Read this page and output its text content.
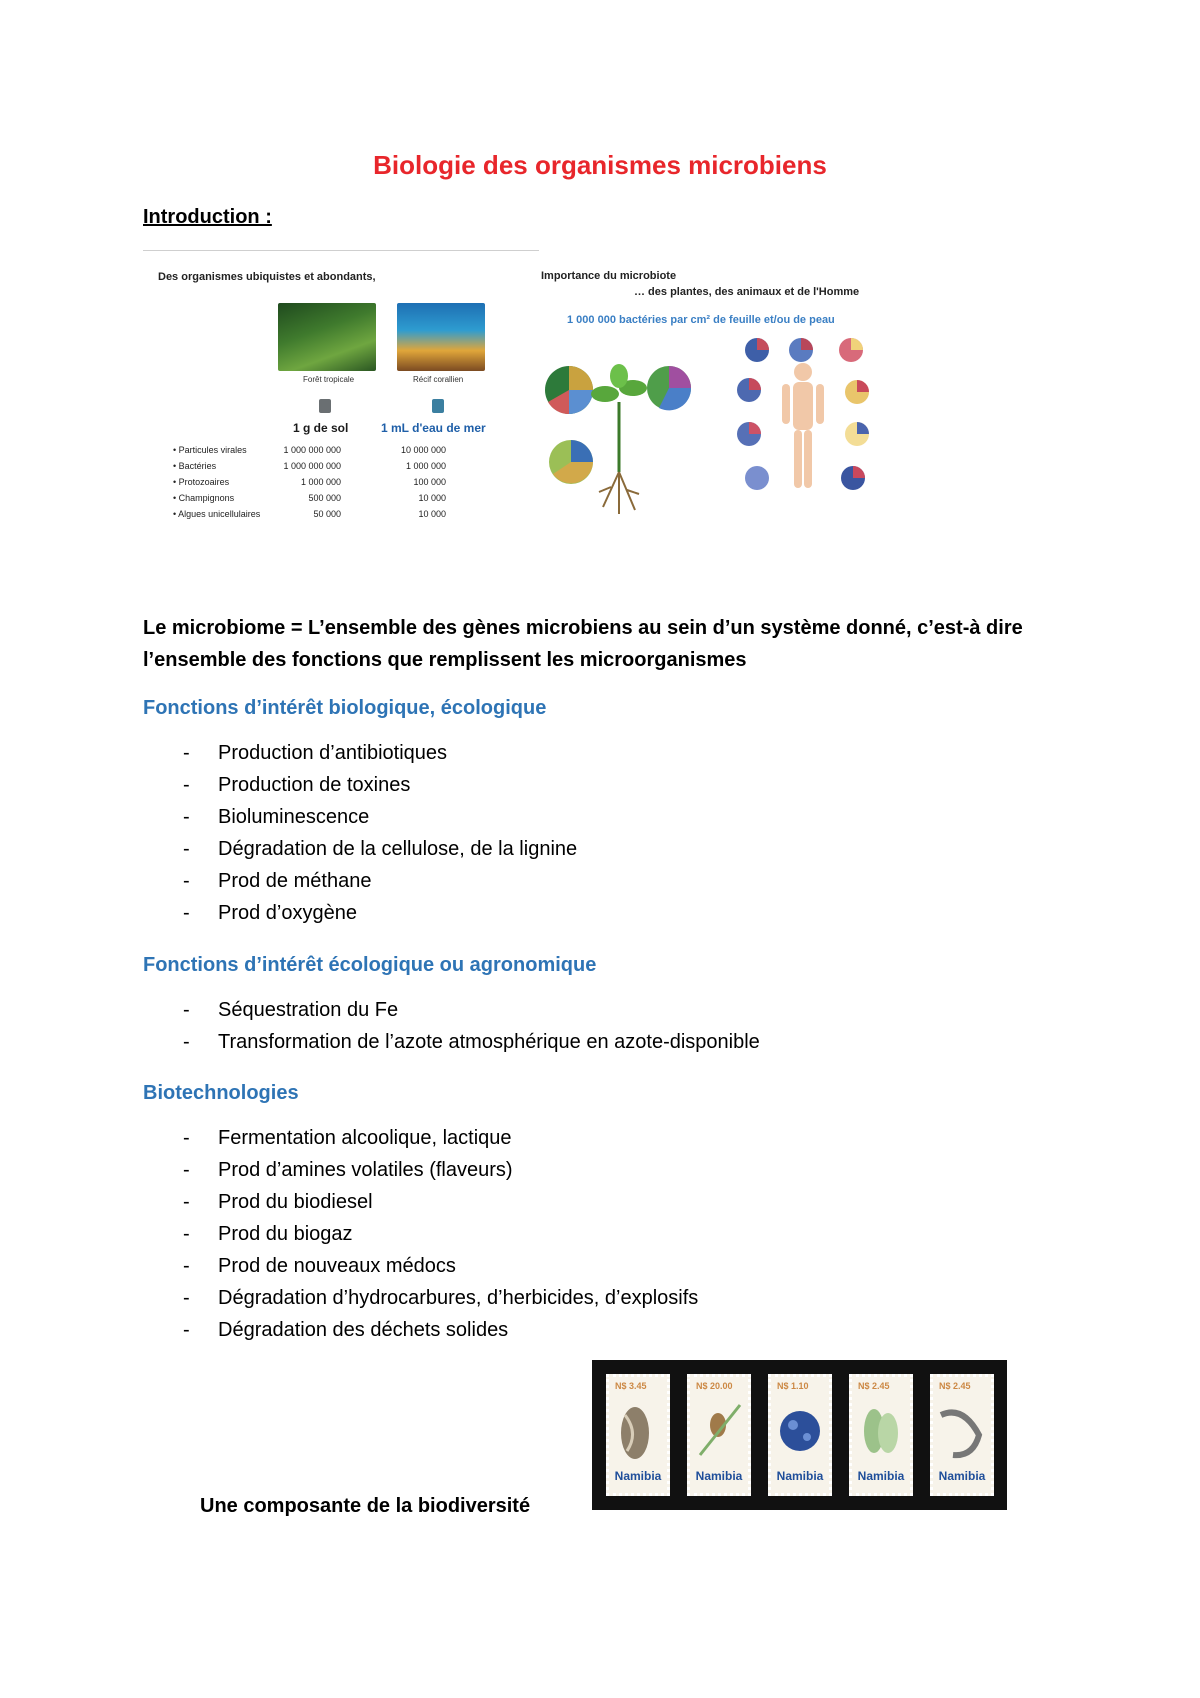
Biologie des organismes microbiens
Introduction :
Des organismes ubiquistes et abondants,
Forêt tropicale	Récif corallien
1 g de sol	1 mL d'eau de mer
• Particules virales	1 000 000 000	10 000 000
• Bactéries	1 000 000 000	1 000 000
• Protozoaires	1 000 000	100 000
• Champignons	500 000	10 000
• Algues unicellulaires	50 000	10 000
Importance du microbiote
… des plantes, des animaux et de l'Homme
1 000 000 bactéries par cm² de feuille et/ou de peau
Le microbiome = L’ensemble des gènes microbiens au sein d’un système donné, c’est-à dire l’ensemble des fonctions que remplissent les microorganismes
Fonctions d’intérêt biologique, écologique
- Production d’antibiotiques
- Production de toxines
- Bioluminescence
- Dégradation de la cellulose, de la lignine
- Prod de méthane
- Prod d’oxygène
Fonctions d’intérêt écologique ou agronomique
- Séquestration du Fe
- Transformation de l’azote atmosphérique en azote-disponible
Biotechnologies
- Fermentation alcoolique, lactique
- Prod d’amines volatiles (flaveurs)
- Prod du biodiesel
- Prod du biogaz
- Prod de nouveaux médocs
- Dégradation d’hydrocarbures, d’herbicides, d’explosifs
- Dégradation des déchets solides
Une composante de la biodiversité
N$ 3.45
Namibia
N$ 20.00
Namibia
N$ 1.10
Namibia
N$ 2.45
Namibia
N$ 2.45
Namibia
